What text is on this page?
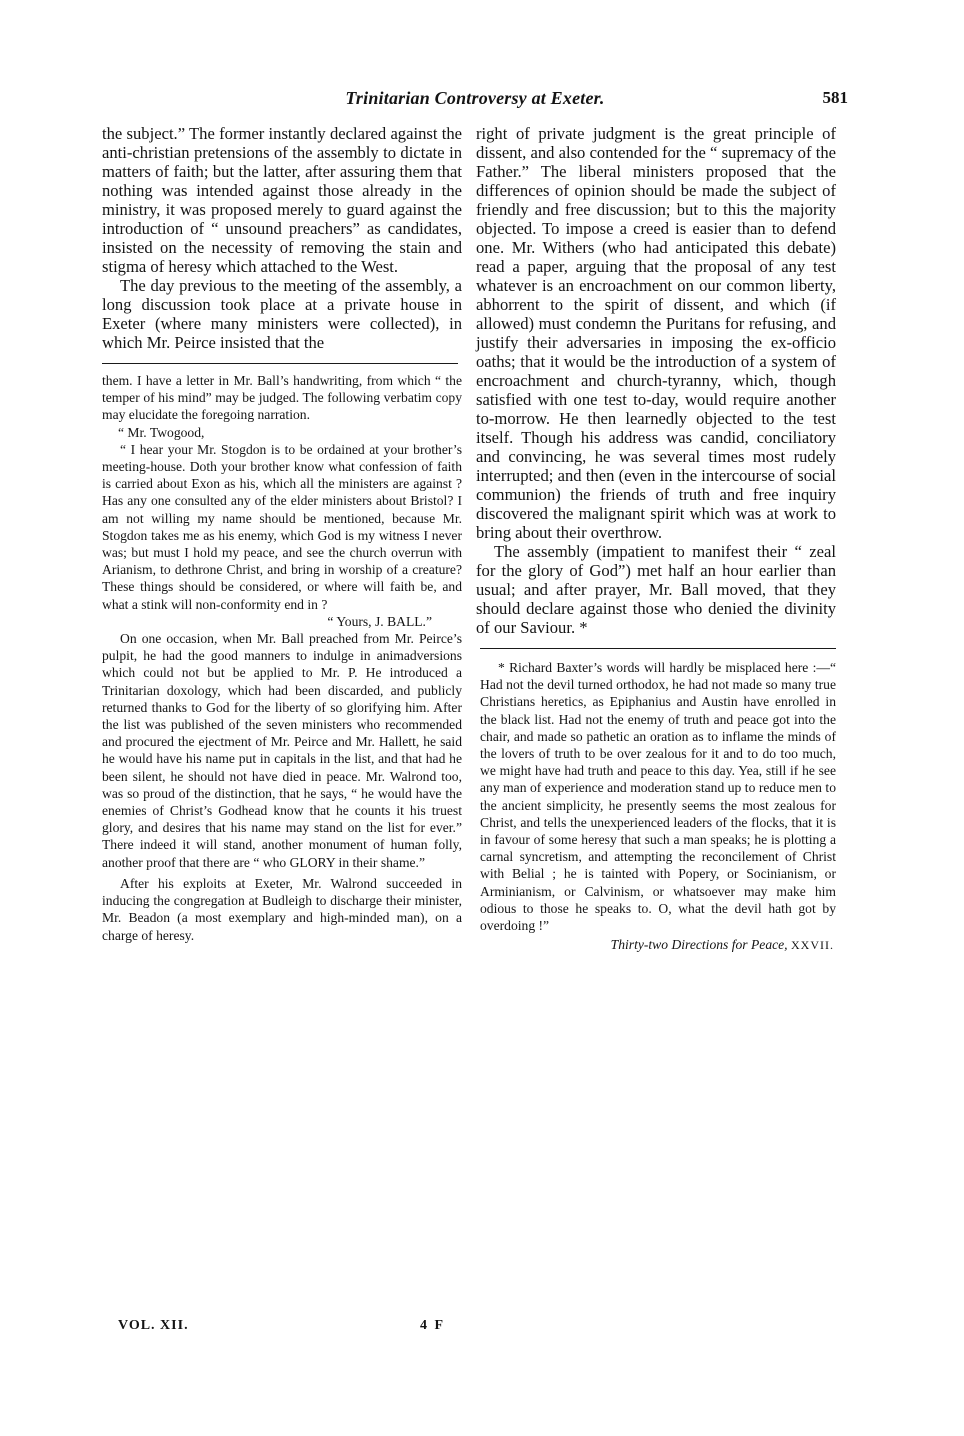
Trinitarian Controversy at Exeter.	581

the subject.” The former instantly declared against the anti-christian pretensions of the assembly to dictate in matters of faith; but the latter, after assuring them that nothing was intended against those already in the ministry, it was proposed merely to guard against the introduction of “ unsound preachers” as candidates, insisted on the necessity of removing the stain and stigma of heresy which attached to the West.

The day previous to the meeting of the assembly, a long discussion took place at a private house in Exeter (where many ministers were collected), in which Mr. Peirce insisted that the

them. I have a letter in Mr. Ball’s handwriting, from which “ the temper of his mind” may be judged. The following verbatim copy may elucidate the foregoing narration.

“ Mr. Twogood,

“ I hear your Mr. Stogdon is to be ordained at your brother’s meeting-house. Doth your brother know what confession of faith is carried about Exon as his, which all the ministers are against ? Has any one consulted any of the elder ministers about Bristol? I am not willing my name should be mentioned, because Mr. Stogdon takes me as his enemy, which God is my witness I never was; but must I hold my peace, and see the church overrun with Arianism, to dethrone Christ, and bring in worship of a creature? These things should be considered, or where will faith be, and what a stink will non-conformity end in ?

“ Yours, J. BALL.”

On one occasion, when Mr. Ball preached from Mr. Peirce’s pulpit, he had the good manners to indulge in animadversions which could not but be applied to Mr. P. He introduced a Trinitarian doxology, which had been discarded, and publicly returned thanks to God for the liberty of so glorifying him. After the list was published of the seven ministers who recommended and procured the ejectment of Mr. Peirce and Mr. Hallett, he said he would have his name put in capitals in the list, and that had he been silent, he should not have died in peace. Mr. Walrond too, was so proud of the distinction, that he says, “ he would have the enemies of Christ’s Godhead know that he counts it his truest glory, and desires that his name may stand on the list for ever.” There indeed it will stand, another monument of human folly, another proof that there are “ who GLORY in their shame.”

After his exploits at Exeter, Mr. Walrond succeeded in inducing the congregation at Budleigh to discharge their minister, Mr. Beadon (a most exemplary and high-minded man), on a charge of heresy.

right of private judgment is the great principle of dissent, and also contended for the “ supremacy of the Father.” The liberal ministers proposed that the differences of opinion should be made the subject of friendly and free discussion; but to this the majority objected. To impose a creed is easier than to defend one. Mr. Withers (who had anticipated this debate) read a paper, arguing that the proposal of any test whatever is an encroachment on our common liberty, abhorrent to the spirit of dissent, and which (if allowed) must condemn the Puritans for refusing, and justify their adversaries in imposing the ex-officio oaths; that it would be the introduction of a system of encroachment and church-tyranny, which, though satisfied with one test to-day, would require another to-morrow. He then learnedly objected to the test itself. Though his address was candid, conciliatory and convincing, he was several times most rudely interrupted; and then (even in the intercourse of social communion) the friends of truth and free inquiry discovered the malignant spirit which was at work to bring about their overthrow.

The assembly (impatient to manifest their “ zeal for the glory of God”) met half an hour earlier than usual; and after prayer, Mr. Ball moved, that they should declare against those who denied the divinity of our Saviour. *

* Richard Baxter’s words will hardly be misplaced here :—“ Had not the devil turned orthodox, he had not made so many true Christians heretics, as Epiphanius and Austin have enrolled in the black list. Had not the enemy of truth and peace got into the chair, and made so pathetic an oration as to inflame the minds of the lovers of truth to be over zealous for it and to do too much, we might have had truth and peace to this day. Yea, still if he see any man of experience and moderation stand up to reduce men to the ancient simplicity, he presently seems the most zealous for Christ, and tells the unexperienced leaders of the flocks, that it is in favour of some heresy that such a man speaks; he is plotting a carnal syncretism, and attempting the reconcilement of Christ with Belial ; he is tainted with Popery, or Socinianism, or Arminianism, or Calvinism, or whatsoever may make him odious to those he speaks to. O, what the devil hath got by overdoing !”

Thirty-two Directions for Peace, XXVII.

VOL. XII.	4 F
